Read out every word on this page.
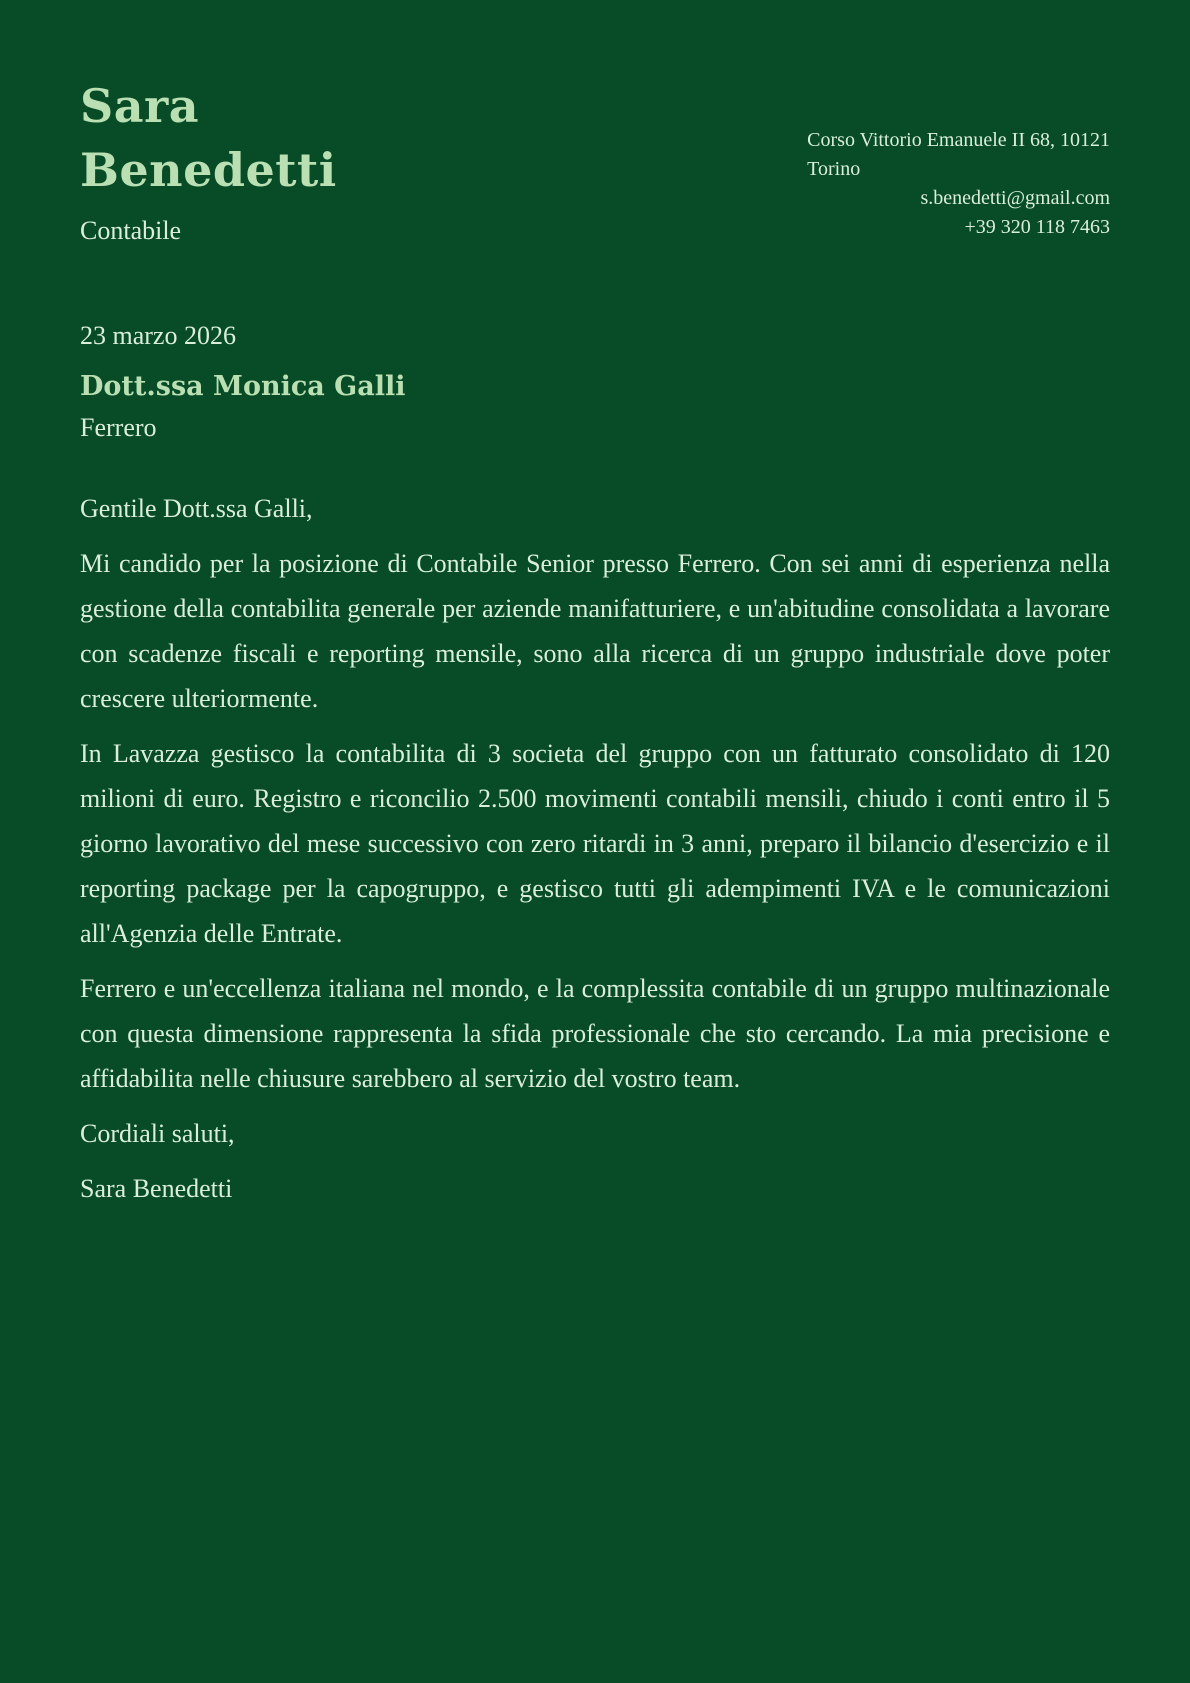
Sara Benedetti
Contabile
Corso Vittorio Emanuele II 68, 10121
Torino
s.benedetti@gmail.com
+39 320 118 7463
23 marzo 2026
Dott.ssa Monica Galli
Ferrero

Gentile Dott.ssa Galli,

Mi candido per la posizione di Contabile Senior presso Ferrero. Con sei anni di esperienza nella gestione della contabilita generale per aziende manifatturiere, e un'abitudine consolidata a lavorare con scadenze fiscali e reporting mensile, sono alla ricerca di un gruppo industriale dove poter crescere ulteriormente.

In Lavazza gestisco la contabilita di 3 societa del gruppo con un fatturato consolidato di 120 milioni di euro. Registro e riconcilio 2.500 movimenti contabili mensili, chiudo i conti entro il 5 giorno lavorativo del mese successivo con zero ritardi in 3 anni, preparo il bilancio d'esercizio e il reporting package per la capogruppo, e gestisco tutti gli adempimenti IVA e le comunicazioni all'Agenzia delle Entrate.

Ferrero e un'eccellenza italiana nel mondo, e la complessita contabile di un gruppo multinazionale con questa dimensione rappresenta la sfida professionale che sto cercando. La mia precisione e affidabilita nelle chiusure sarebbero al servizio del vostro team.

Cordiali saluti,

Sara Benedetti
